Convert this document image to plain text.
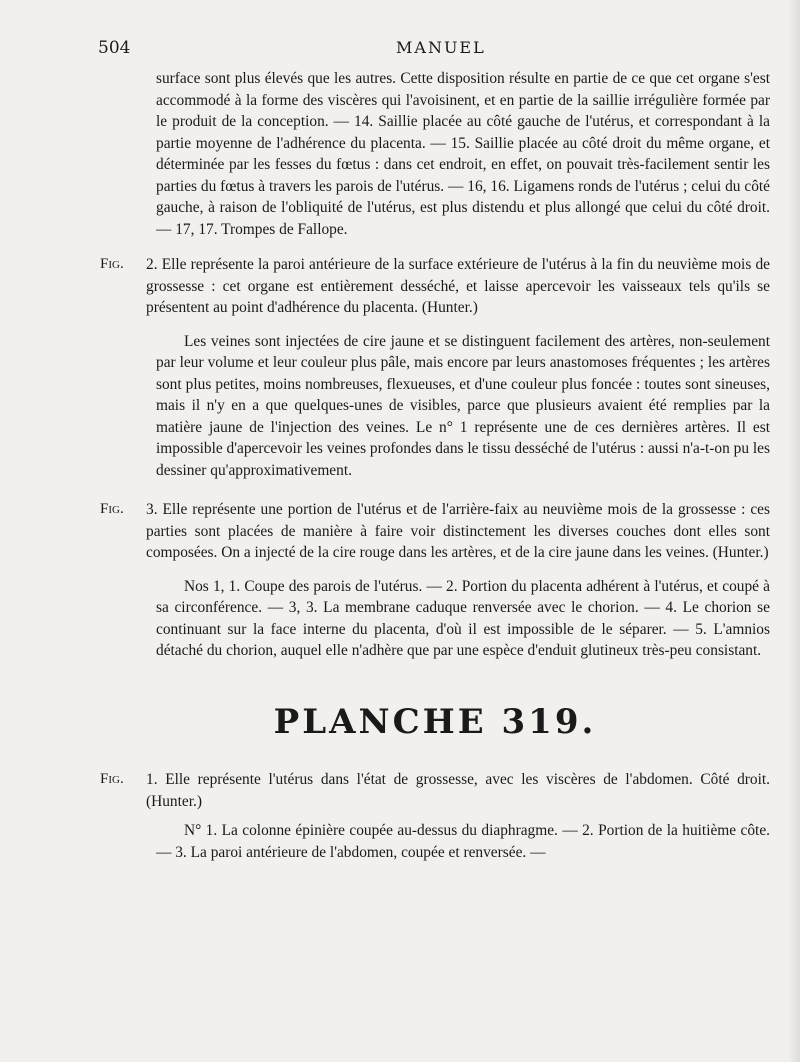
504	MANUEL

surface sont plus élevés que les autres. Cette disposition résulte en partie de ce que cet organe s'est accommodé à la forme des viscères qui l'avoisinent, et en partie de la saillie irrégulière formée par le produit de la conception. — 14. Saillie placée au côté gauche de l'utérus, et correspondant à la partie moyenne de l'adhérence du placenta. — 15. Saillie placée au côté droit du même organe, et déterminée par les fesses du fœtus : dans cet endroit, en effet, on pouvait très-facilement sentir les parties du fœtus à travers les parois de l'utérus. — 16, 16. Ligamens ronds de l'utérus ; celui du côté gauche, à raison de l'obliquité de l'utérus, est plus distendu et plus allongé que celui du côté droit. — 17, 17. Trompes de Fallope.

Fig.	2. Elle représente la paroi antérieure de la surface extérieure de l'utérus à la fin du neuvième mois de grossesse : cet organe est entièrement desséché, et laisse apercevoir les vaisseaux tels qu'ils se présentent au point d'adhérence du placenta. (Hunter.)

Les veines sont injectées de cire jaune et se distinguent facilement des artères, non-seulement par leur volume et leur couleur plus pâle, mais encore par leurs anastomoses fréquentes ; les artères sont plus petites, moins nombreuses, flexueuses, et d'une couleur plus foncée : toutes sont sineuses, mais il n'y en a que quelques-unes de visibles, parce que plusieurs avaient été remplies par la matière jaune de l'injection des veines. Le n° 1 représente une de ces dernières artères. Il est impossible d'apercevoir les veines profondes dans le tissu desséché de l'utérus : aussi n'a-t-on pu les dessiner qu'approximativement.

Fig.	3. Elle représente une portion de l'utérus et de l'arrière-faix au neuvième mois de la grossesse : ces parties sont placées de manière à faire voir distinctement les diverses couches dont elles sont composées. On a injecté de la cire rouge dans les artères, et de la cire jaune dans les veines. (Hunter.)

Nos 1, 1. Coupe des parois de l'utérus. — 2. Portion du placenta adhérent à l'utérus, et coupé à sa circonférence. — 3, 3. La membrane caduque renversée avec le chorion. — 4. Le chorion se continuant sur la face interne du placenta, d'où il est impossible de le séparer. — 5. L'amnios détaché du chorion, auquel elle n'adhère que par une espèce d'enduit glutineux très-peu consistant.

PLANCHE 319.
Fig.	1. Elle représente l'utérus dans l'état de grossesse, avec les viscères de l'abdomen. Côté droit. (Hunter.)

N° 1. La colonne épinière coupée au-dessus du diaphragme. — 2. Portion de la huitième côte. — 3. La paroi antérieure de l'abdomen, coupée et renversée. —
